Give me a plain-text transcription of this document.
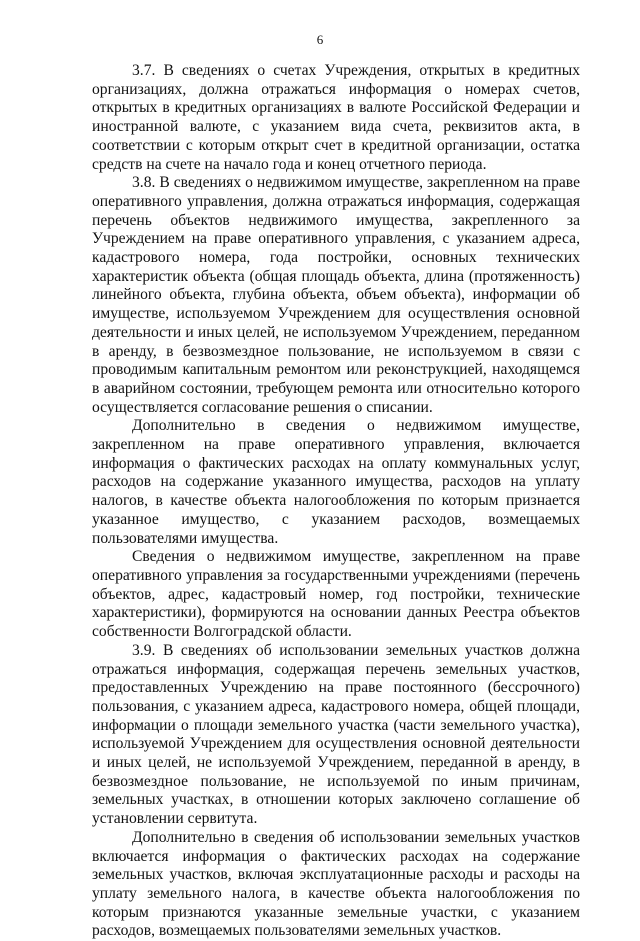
6

3.7. В сведениях о счетах Учреждения, открытых в кредитных организациях, должна отражаться информация о номерах счетов, открытых в кредитных организациях в валюте Российской Федерации и иностранной валюте, с указанием вида счета, реквизитов акта, в соответствии с которым открыт счет в кредитной организации, остатка средств на счете на начало года и конец отчетного периода.

3.8. В сведениях о недвижимом имуществе, закрепленном на праве оперативного управления, должна отражаться информация, содержащая перечень объектов недвижимого имущества, закрепленного за Учреждением на праве оперативного управления, с указанием адреса, кадастрового номера, года постройки, основных технических характеристик объекта (общая площадь объекта, длина (протяженность) линейного объекта, глубина объекта, объем объекта), информации об имуществе, используемом Учреждением для осуществления основной деятельности и иных целей, не используемом Учреждением, переданном в аренду, в безвозмездное пользование, не используемом в связи с проводимым капитальным ремонтом или реконструкцией, находящемся в аварийном состоянии, требующем ремонта или относительно которого осуществляется согласование решения о списании.

Дополнительно в сведения о недвижимом имуществе, закрепленном на праве оперативного управления, включается информация о фактических расходах на оплату коммунальных услуг, расходов на содержание указанного имущества, расходов на уплату налогов, в качестве объекта налогообложения по которым признается указанное имущество, с указанием расходов, возмещаемых пользователями имущества.

Сведения о недвижимом имуществе, закрепленном на праве оперативного управления за государственными учреждениями (перечень объектов, адрес, кадастровый номер, год постройки, технические характеристики), формируются на основании данных Реестра объектов собственности Волгоградской области.

3.9. В сведениях об использовании земельных участков должна отражаться информация, содержащая перечень земельных участков, предоставленных Учреждению на праве постоянного (бессрочного) пользования, с указанием адреса, кадастрового номера, общей площади, информации о площади земельного участка (части земельного участка), используемой Учреждением для осуществления основной деятельности и иных целей, не используемой Учреждением, переданной в аренду, в безвозмездное пользование, не используемой по иным причинам, земельных участках, в отношении которых заключено соглашение об установлении сервитута.

Дополнительно в сведения об использовании земельных участков включается информация о фактических расходах на содержание земельных участков, включая эксплуатационные расходы и расходы на уплату земельного налога, в качестве объекта налогообложения по которым признаются указанные земельные участки, с указанием расходов, возмещаемых пользователями земельных участков.
